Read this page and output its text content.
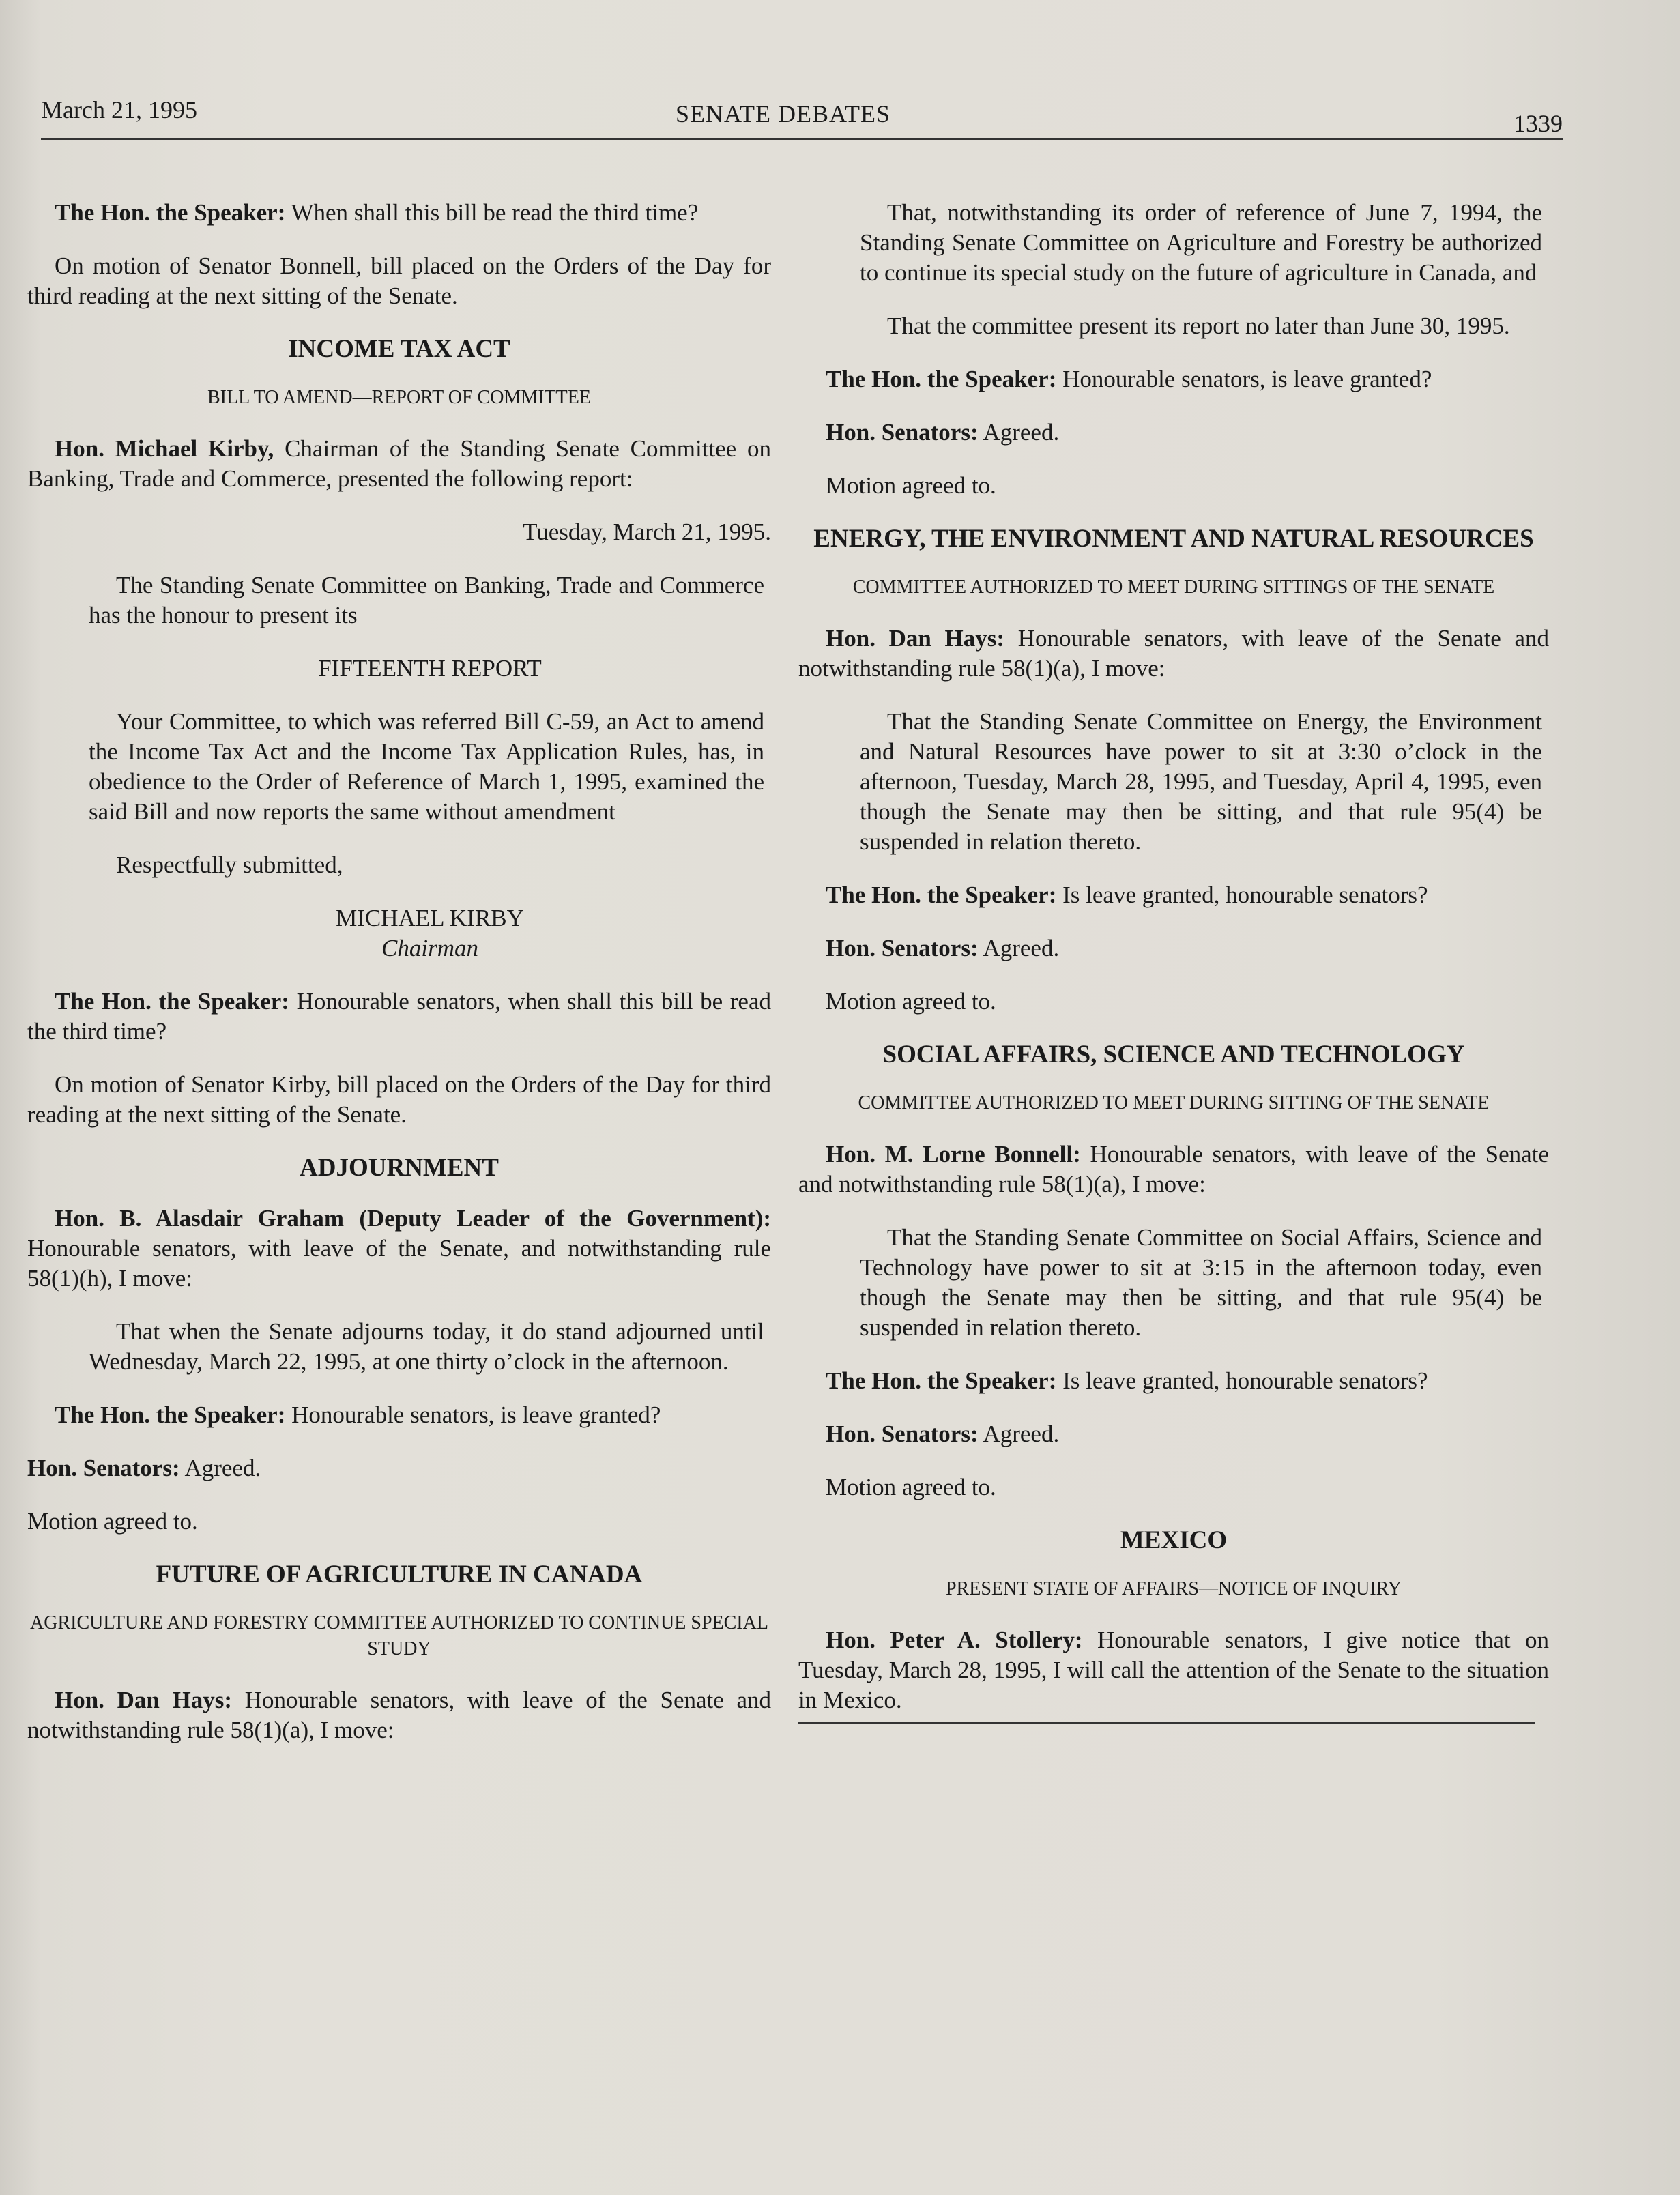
March 21, 1995	SENATE DEBATES	1339

The Hon. the Speaker: When shall this bill be read the third time?

On motion of Senator Bonnell, bill placed on the Orders of the Day for third reading at the next sitting of the Senate.

INCOME TAX ACT
BILL TO AMEND—REPORT OF COMMITTEE

Hon. Michael Kirby, Chairman of the Standing Senate Committee on Banking, Trade and Commerce, presented the following report:

Tuesday, March 21, 1995.

The Standing Senate Committee on Banking, Trade and Commerce has the honour to present its

FIFTEENTH REPORT

Your Committee, to which was referred Bill C-59, an Act to amend the Income Tax Act and the Income Tax Application Rules, has, in obedience to the Order of Reference of March 1, 1995, examined the said Bill and now reports the same without amendment

Respectfully submitted,

MICHAEL KIRBY

Chairman

The Hon. the Speaker: Honourable senators, when shall this bill be read the third time?

On motion of Senator Kirby, bill placed on the Orders of the Day for third reading at the next sitting of the Senate.

ADJOURNMENT

Hon. B. Alasdair Graham (Deputy Leader of the Government): Honourable senators, with leave of the Senate, and notwithstanding rule 58(1)(h), I move:

That when the Senate adjourns today, it do stand adjourned until Wednesday, March 22, 1995, at one thirty o’clock in the afternoon.

The Hon. the Speaker: Honourable senators, is leave granted?

Hon. Senators: Agreed.

Motion agreed to.

FUTURE OF AGRICULTURE IN CANADA
AGRICULTURE AND FORESTRY COMMITTEE AUTHORIZED TO CONTINUE SPECIAL STUDY

Hon. Dan Hays: Honourable senators, with leave of the Senate and notwithstanding rule 58(1)(a), I move:

That, notwithstanding its order of reference of June 7, 1994, the Standing Senate Committee on Agriculture and Forestry be authorized to continue its special study on the future of agriculture in Canada, and

That the committee present its report no later than June 30, 1995.

The Hon. the Speaker: Honourable senators, is leave granted?

Hon. Senators: Agreed.

Motion agreed to.

ENERGY, THE ENVIRONMENT AND NATURAL RESOURCES
COMMITTEE AUTHORIZED TO MEET DURING SITTINGS OF THE SENATE

Hon. Dan Hays: Honourable senators, with leave of the Senate and notwithstanding rule 58(1)(a), I move:

That the Standing Senate Committee on Energy, the Environment and Natural Resources have power to sit at 3:30 o’clock in the afternoon, Tuesday, March 28, 1995, and Tuesday, April 4, 1995, even though the Senate may then be sitting, and that rule 95(4) be suspended in relation thereto.

The Hon. the Speaker: Is leave granted, honourable senators?

Hon. Senators: Agreed.

Motion agreed to.

SOCIAL AFFAIRS, SCIENCE AND TECHNOLOGY
COMMITTEE AUTHORIZED TO MEET DURING SITTING OF THE SENATE

Hon. M. Lorne Bonnell: Honourable senators, with leave of the Senate and notwithstanding rule 58(1)(a), I move:

That the Standing Senate Committee on Social Affairs, Science and Technology have power to sit at 3:15 in the afternoon today, even though the Senate may then be sitting, and that rule 95(4) be suspended in relation thereto.

The Hon. the Speaker: Is leave granted, honourable senators?

Hon. Senators: Agreed.

Motion agreed to.

MEXICO
PRESENT STATE OF AFFAIRS—NOTICE OF INQUIRY

Hon. Peter A. Stollery: Honourable senators, I give notice that on Tuesday, March 28, 1995, I will call the attention of the Senate to the situation in Mexico.
